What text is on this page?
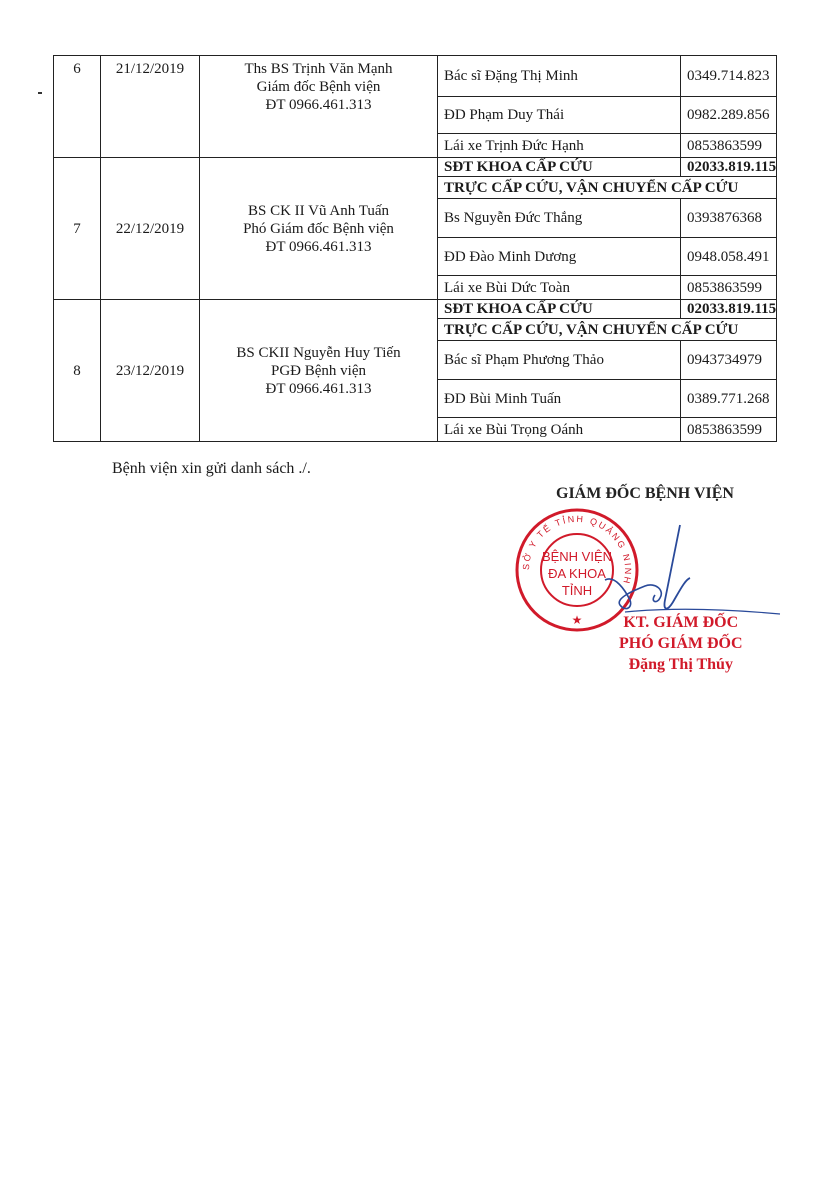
6	21/12/2019	Ths BS Trịnh Văn Mạnh
Giám đốc Bệnh viện
ĐT 0966.461.313	Bác sĩ Đặng Thị Minh	0349.714.823
			ĐD Phạm Duy Thái	0982.289.856
			Lái xe Trịnh Đức Hạnh	0853863599
7	22/12/2019	BS CK II Vũ Anh Tuấn
Phó Giám đốc Bệnh viện
ĐT 0966.461.313	SĐT KHOA CẤP CỨU	02033.819.115
			TRỰC CẤP CỨU, VẬN CHUYỂN CẤP CỨU	
			Bs Nguyễn Đức Thắng	0393876368
			ĐD Đào Minh Dương	0948.058.491
			Lái xe Bùi Dức Toàn	0853863599
8	23/12/2019	BS CKII Nguyễn Huy Tiến
PGĐ Bệnh viện
ĐT 0966.461.313	SĐT KHOA CẤP CỨU	02033.819.115
			TRỰC CẤP CỨU, VẬN CHUYỂN CẤP CỨU	
			Bác sĩ Phạm Phương Thảo	0943734979
			ĐD Bùi Minh Tuấn	0389.771.268
			Lái xe Bùi Trọng Oánh	0853863599
Bệnh viện xin gửi danh sách ./.
GIÁM ĐỐC BỆNH VIỆN
SỞ Y TẾ TỈNH QUẢNG NINH
★
BỆNH VIỆN
ĐA KHOA
TỈNH
KT. GIÁM ĐỐC
PHÓ GIÁM ĐỐC
Đặng Thị Thúy
